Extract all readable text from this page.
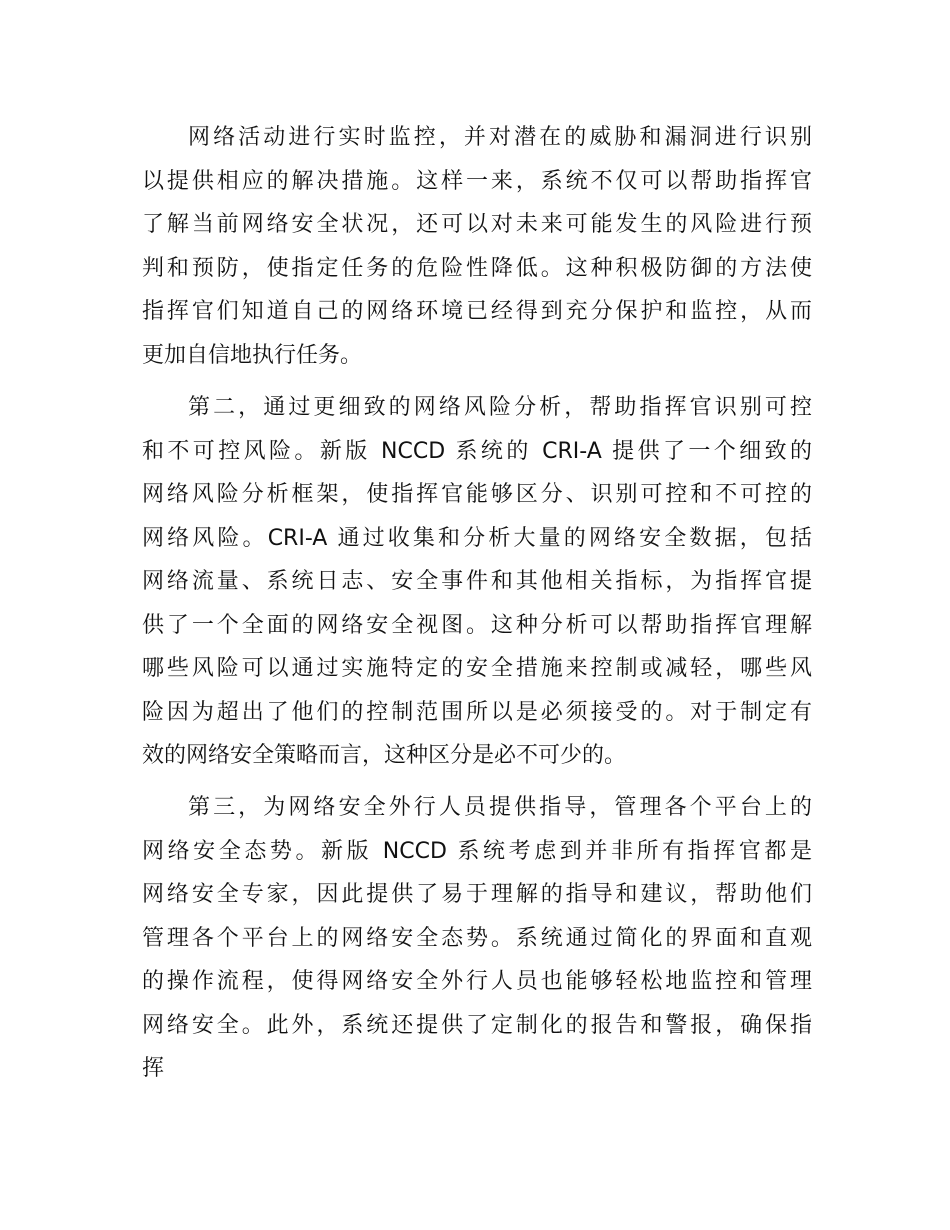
网络活动进行实时监控，并对潜在的威胁和漏洞进行识别
以提供相应的解决措施。这样一来，系统不仅可以帮助指挥官
了解当前网络安全状况，还可以对未来可能发生的风险进行预
判和预防，使指定任务的危险性降低。这种积极防御的方法使
指挥官们知道自己的网络环境已经得到充分保护和监控，从而
更加自信地执行任务。
第二，通过更细致的网络风险分析，帮助指挥官识别可控
和不可控风险。新版 NCCD 系统的 CRI-A 提供了一个细致的
网络风险分析框架，使指挥官能够区分、识别可控和不可控的
网络风险。CRI-A 通过收集和分析大量的网络安全数据，包括
网络流量、系统日志、安全事件和其他相关指标，为指挥官提
供了一个全面的网络安全视图。这种分析可以帮助指挥官理解
哪些风险可以通过实施特定的安全措施来控制或减轻，哪些风
险因为超出了他们的控制范围所以是必须接受的。对于制定有
效的网络安全策略而言，这种区分是必不可少的。
第三，为网络安全外行人员提供指导，管理各个平台上的
网络安全态势。新版 NCCD 系统考虑到并非所有指挥官都是
网络安全专家，因此提供了易于理解的指导和建议，帮助他们
管理各个平台上的网络安全态势。系统通过简化的界面和直观
的操作流程，使得网络安全外行人员也能够轻松地监控和管理
网络安全。此外，系统还提供了定制化的报告和警报，确保指
挥
